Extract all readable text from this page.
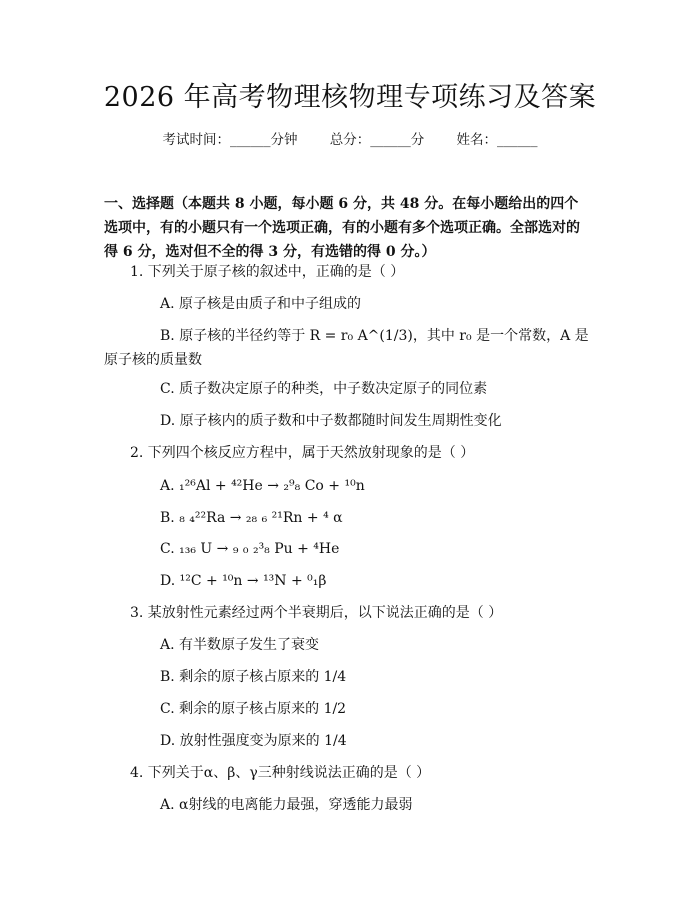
2026 年高考物理核物理专项练习及答案
考试时间：______分钟 总分：______分 姓名：______
一、选择题（本题共 8 小题，每小题 6 分，共 48 分。在每小题给出的四个选项中，有的小题只有一个选项正确，有的小题有多个选项正确。全部选对的得 6 分，选对但不全的得 3 分，有选错的得 0 分。）
1. 下列关于原子核的叙述中，正确的是（ ）
A. 原子核是由质子和中子组成的
B. 原子核的半径约等于 R = r₀ A^(1/3)，其中 r₀ 是一个常数，A 是原子核的质量数
C. 质子数决定原子的种类，中子数决定原子的同位素
D. 原子核内的质子数和中子数都随时间发生周期性变化
2. 下列四个核反应方程中，属于天然放射现象的是（ ）
A. ₁²⁶Al + ⁴²He → ₂⁹₈ Co + ¹⁰n
B. ₈ ₄²²Ra → ₂₈ ₆ ²¹Rn + ⁴ α
C. ₁₃₆ U → ₉ ₀ ₂³₈ Pu + ⁴He
D. ¹²C + ¹⁰n → ¹³N + ⁰₁β
3. 某放射性元素经过两个半衰期后，以下说法正确的是（ ）
A. 有半数原子发生了衰变
B. 剩余的原子核占原来的 1/4
C. 剩余的原子核占原来的 1/2
D. 放射性强度变为原来的 1/4
4. 下列关于α、β、γ三种射线说法正确的是（ ）
A. α射线的电离能力最强，穿透能力最弱
